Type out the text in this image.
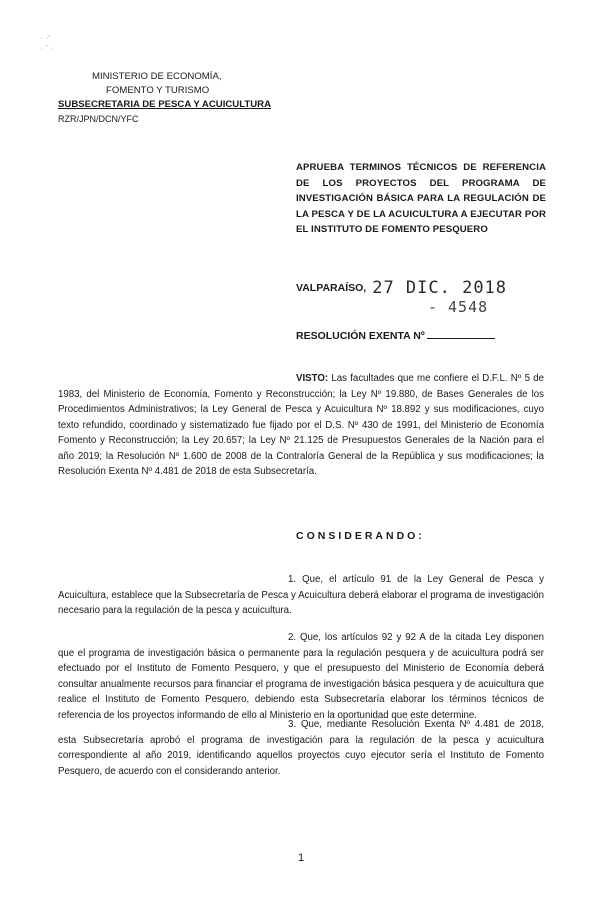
·  ·'
·  '  ·
MINISTERIO DE ECONOMÍA,
FOMENTO Y TURISMO
SUBSECRETARIA DE PESCA Y ACUICULTURA
RZR/JPN/DCN/YFC
APRUEBA TERMINOS TÉCNICOS DE REFERENCIA DE LOS PROYECTOS DEL PROGRAMA DE INVESTIGACIÓN BÁSICA PARA LA REGULACIÓN DE LA PESCA Y DE LA ACUICULTURA A EJECUTAR POR EL INSTITUTO DE FOMENTO PESQUERO
VALPARAÍSO, 27 DIC. 2018
- 4548
RESOLUCIÓN EXENTA Nº
VISTO: Las facultades que me confiere el D.F.L. Nº 5 de 1983, del Ministerio de Economía, Fomento y Reconstrucción; la Ley Nº 19.880, de Bases Generales de los Procedimientos Administrativos; la Ley General de Pesca y Acuicultura Nº 18.892 y sus modificaciones, cuyo texto refundido, coordinado y sistematizado fue fijado por el D.S. Nº 430 de 1991, del Ministerio de Economía Fomento y Reconstrucción; la Ley 20.657; la Ley Nº 21.125 de Presupuestos Generales de la Nación para el año 2019; la Resolución Nº 1.600 de 2008 de la Contraloría General de la República y sus modificaciones; la Resolución Exenta Nº 4.481 de 2018 de esta Subsecretaría.
CONSIDERANDO:
1. Que, el artículo 91 de la Ley General de Pesca y Acuicultura, establece que la Subsecretaría de Pesca y Acuicultura deberá elaborar el programa de investigación necesario para la regulación de la pesca y acuicultura.
2. Que, los artículos 92 y 92 A de la citada Ley disponen que el programa de investigación básica o permanente para la regulación pesquera y de acuicultura podrá ser efectuado por el Instituto de Fomento Pesquero, y que el presupuesto del Ministerio de Economía deberá consultar anualmente recursos para financiar el programa de investigación básica pesquera y de acuicultura que realice el Instituto de Fomento Pesquero, debiendo esta Subsecretaría elaborar los términos técnicos de referencia de los proyectos informando de ello al Ministerio en la oportunidad que este determine.
3. Que, mediante Resolución Exenta Nº 4.481 de 2018, esta Subsecretaría aprobó el programa de investigación para la regulación de la pesca y acuicultura correspondiente al año 2019, identificando aquellos proyectos cuyo ejecutor sería el Instituto de Fomento Pesquero, de acuerdo con el considerando anterior.
1
